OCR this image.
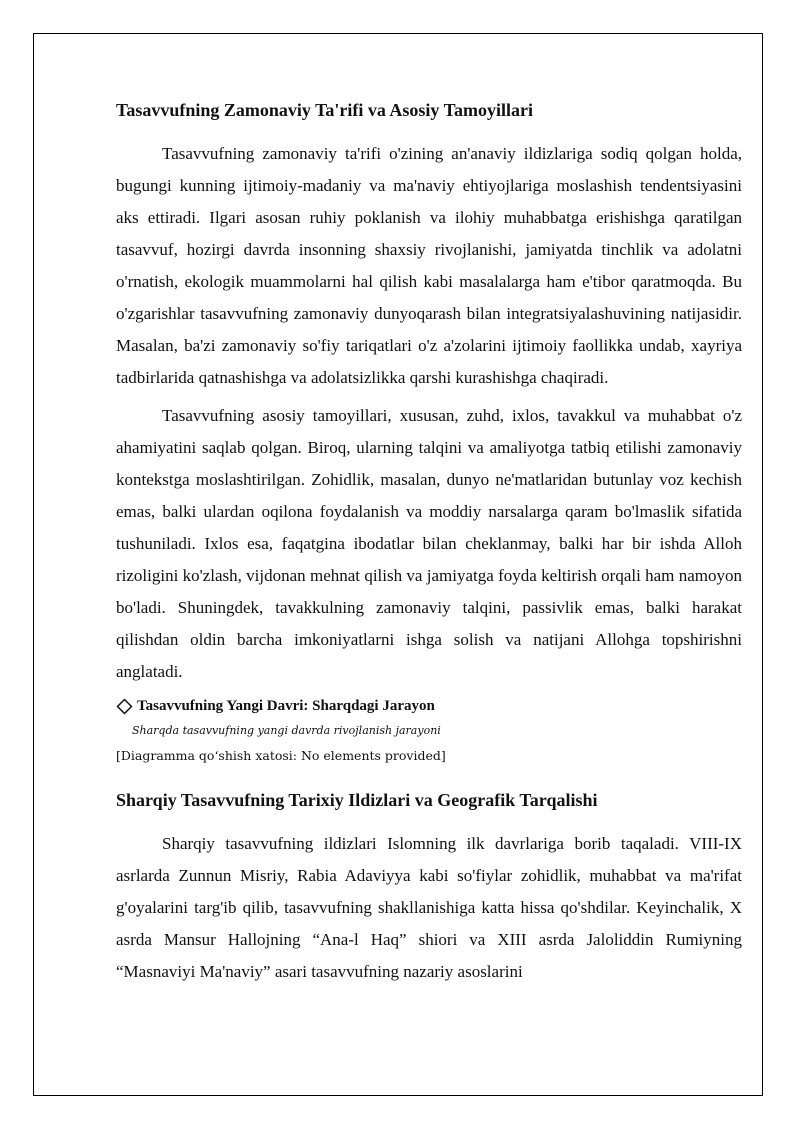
Tasavvufning Zamonaviy Ta'rifi va Asosiy Tamoyillari

Tasavvufning zamonaviy ta'rifi o'zining an'anaviy ildizlariga sodiq qolgan holda, bugungi kunning ijtimoiy-madaniy va ma'naviy ehtiyojlariga moslashish tendentsiyasini aks ettiradi. Ilgari asosan ruhiy poklanish va ilohiy muhabbatga erishishga qaratilgan tasavvuf, hozirgi davrda insonning shaxsiy rivojlanishi, jamiyatda tinchlik va adolatni o'rnatish, ekologik muammolarni hal qilish kabi masalalarga ham e'tibor qaratmoqda. Bu o'zgarishlar tasavvufning zamonaviy dunyoqarash bilan integratsiyalashuvining natijasidir. Masalan, ba'zi zamonaviy so'fiy tariqatlari o'z a'zolarini ijtimoiy faollikka undab, xayriya tadbirlarida qatnashishga va adolatsizlikka qarshi kurashishga chaqiradi.

Tasavvufning asosiy tamoyillari, xususan, zuhd, ixlos, tavakkul va muhabbat o'z ahamiyatini saqlab qolgan. Biroq, ularning talqini va amaliyotga tatbiq etilishi zamonaviy kontekstga moslashtirilgan. Zohidlik, masalan, dunyo ne'matlaridan butunlay voz kechish emas, balki ulardan oqilona foydalanish va moddiy narsalarga qaram bo'lmaslik sifatida tushuniladi. Ixlos esa, faqatgina ibodatlar bilan cheklanmay, balki har bir ishda Alloh rizoligini ko'zlash, vijdonan mehnat qilish va jamiyatga foyda keltirish orqali ham namoyon bo'ladi. Shuningdek, tavakkulning zamonaviy talqini, passivlik emas, balki harakat qilishdan oldin barcha imkoniyatlarni ishga solish va natijani Allohga topshirishni anglatadi.

Tasavvufning Yangi Davri: Sharqdagi Jarayon
Sharqda tasavvufning yangi davrda rivojlanish jarayoni
[Diagramma qo‘shish xatosi: No elements provided]
Sharqiy Tasavvufning Tarixiy Ildizlari va Geografik Tarqalishi

Sharqiy tasavvufning ildizlari Islomning ilk davrlariga borib taqaladi. VIII-IX asrlarda Zunnun Misriy, Rabia Adaviyya kabi so'fiylar zohidlik, muhabbat va ma'rifat g'oyalarini targ'ib qilib, tasavvufning shakllanishiga katta hissa qo'shdilar. Keyinchalik, X asrda Mansur Hallojning “Ana-l Haq” shiori va XIII asrda Jaloliddin Rumiyning “Masnaviyi Ma'naviy” asari tasavvufning nazariy asoslarini
